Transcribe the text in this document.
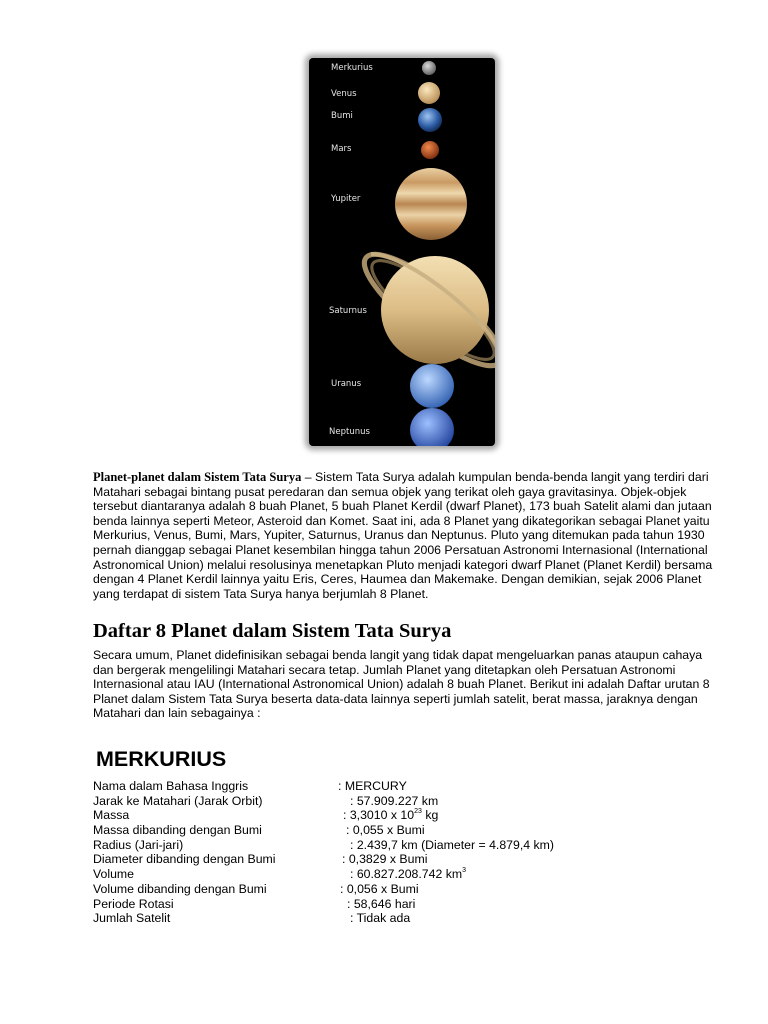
Merkurius
Venus
Bumi
Mars
Yupiter
Saturnus
Uranus
Neptunus

Planet-planet dalam Sistem Tata Surya – Sistem Tata Surya adalah kumpulan benda-benda langit yang terdiri dari Matahari sebagai bintang pusat peredaran dan semua objek yang terikat oleh gaya gravitasinya. Objek-objek tersebut diantaranya adalah 8 buah Planet, 5 buah Planet Kerdil (dwarf Planet), 173 buah Satelit alami dan jutaan benda lainnya seperti Meteor, Asteroid dan Komet. Saat ini, ada 8 Planet yang dikategorikan sebagai Planet yaitu Merkurius, Venus, Bumi, Mars, Yupiter, Saturnus, Uranus dan Neptunus. Pluto yang ditemukan pada tahun 1930 pernah dianggap sebagai Planet kesembilan hingga tahun 2006 Persatuan Astronomi Internasional (International Astronomical Union) melalui resolusinya menetapkan Pluto menjadi kategori dwarf Planet (Planet Kerdil) bersama dengan 4 Planet Kerdil lainnya yaitu Eris, Ceres, Haumea dan Makemake. Dengan demikian, sejak 2006 Planet yang terdapat di sistem Tata Surya hanya berjumlah 8 Planet.

Daftar 8 Planet dalam Sistem Tata Surya

Secara umum, Planet didefinisikan sebagai benda langit yang tidak dapat mengeluarkan panas ataupun cahaya dan bergerak mengelilingi Matahari secara tetap. Jumlah Planet yang ditetapkan oleh Persatuan Astronomi Internasional atau IAU (International Astronomical Union) adalah 8 buah Planet. Berikut ini adalah Daftar urutan 8 Planet dalam Sistem Tata Surya beserta data-data lainnya seperti jumlah satelit, berat massa, jaraknya dengan Matahari dan lain sebagainya :

MERKURIUS
Nama dalam Bahasa Inggris	: MERCURY
Jarak ke Matahari (Jarak Orbit)	: 57.909.227 km
Massa	: 3,3010 x $10^{23}$ kg
Massa dibanding dengan Bumi	: 0,055 x Bumi
Radius (Jari-jari)	: 2.439,7 km (Diameter = 4.879,4 km)
Diameter dibanding dengan Bumi	: 0,3829 x Bumi
Volume	: 60.827.208.742 $km^3$
Volume dibanding dengan Bumi	: 0,056 x Bumi
Periode Rotasi	: 58,646 hari
Jumlah Satelit	: Tidak ada
